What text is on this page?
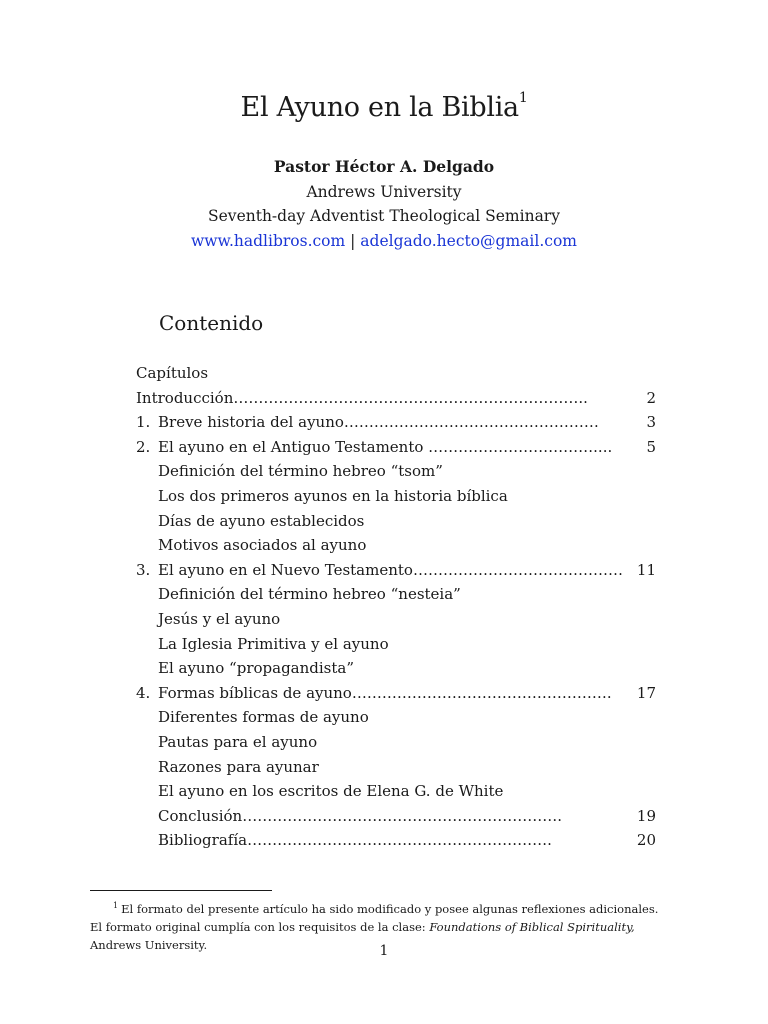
El Ayuno en la Biblia$^1$
Pastor Héctor A. Delgado
Andrews University
Seventh-day Adventist Theological Seminary
www.hadlibros.com | adelgado.hecto@gmail.com
Contenido
Capítulos
Introducción……………………………………………………………..	2
1. Breve historia del ayuno……………………………………………	3
2. El ayuno en el Antiguo Testamento …………………………….... 5
Definición del término hebreo “tsom”
Los dos primeros ayunos en la historia bíblica
Días de ayuno establecidos
Motivos asociados al ayuno
3. El ayuno en el Nuevo Testamento…………………………………… 11
Definición del término hebreo “nesteia”
Jesús y el ayuno
La Iglesia Primitiva y el ayuno
El ayuno “propagandista”
4. Formas bíblicas de ayuno……………………………………………. 17
Diferentes formas de ayuno
Pautas para el ayuno
Razones para ayunar
El ayuno en los escritos de Elena G. de White
Conclusión……………………………………………………….	19
Bibliografía…………………………………………………….	20
$^1$ El formato del presente artículo ha sido modificado y posee algunas reflexiones adicionales. El formato original cumplía con los requisitos de la clase: Foundations of Biblical Spirituality, Andrews University.	1
